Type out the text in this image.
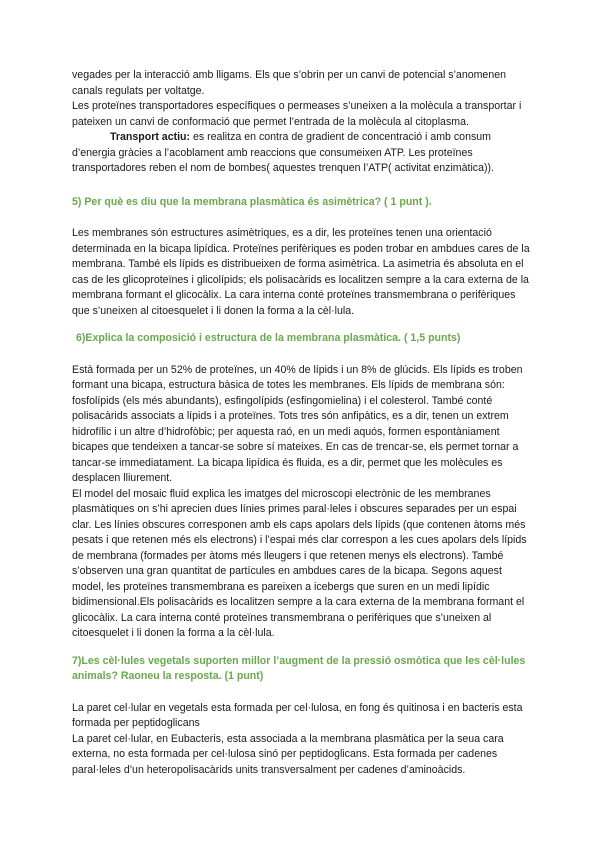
vegades per la interacció amb lligams. Els que s’obrin per un canvi de potencial s’anomenen canals regulats per voltatge.

Les proteïnes transportadores específiques o permeases s’uneixen a la molècula a transportar i pateixen un canvi de conformació que permet l’entrada de la molècula al citoplasma.

Transport actiu: es realitza en contra de gradient de concentració i amb consum d’energia gràcies a l’acoblament amb reaccions que consumeixen ATP. Les proteïnes transportadores reben el nom de bombes( aquestes trenquen l’ATP( activitat enzimàtica)).

5) Per què es diu que la membrana plasmàtica és asimètrica? ( 1 punt ).

Les membranes són estructures asimètriques, es a dir, les proteïnes tenen una orientació determinada en la bicapa lipídica. Proteïnes perifèriques es poden trobar en ambdues cares de la membrana. També els lípids es distribueixen de forma asimètrica. La asimetria és absoluta en el cas de les glicoproteïnes i glicolípids; els polisacàrids es localitzen sempre a la cara externa de la membrana formant el glicocàlix. La cara interna conté proteïnes transmembrana o perifèriques que s’uneixen al citoesquelet i li donen la forma a la cèl·lula.

6)Explica la composició i estructura de la membrana plasmàtica. ( 1,5 punts)

Està formada per un 52% de proteïnes, un 40% de lípids i un 8% de glúcids. Els lípids es troben formant una bicapa, estructura bàsica de totes les membranes. Els lípids de membrana són: fosfolípids (els més abundants), esfingolípids (esfingomielina) i el colesterol. També conté polisacàrids associats a lípids i a proteïnes. Tots tres són anfipàtics, es a dir, tenen un extrem hidrofílic i un altre d’hidrofòbic; per aquesta raó, en un medi aquós, formen espontàniament bicapes que tendeixen a tancar-se sobre sí mateixes. En cas de trencar-se, els permet tornar a tancar-se immediatament. La bicapa lipídica és fluida, es a dir, permet que les molècules es desplacen lliurement.

El model del mosaic fluid explica les imatges del microscopi electrònic de les membranes plasmàtiques on s’hi aprecien dues línies primes paral·leles i obscures separades per un espai clar. Les línies obscures corresponen amb els caps apolars dels lípids (que contenen àtoms més pesats i que retenen més els electrons) i l’espai més clar correspon a les cues apolars dels lípids de membrana (formades per àtoms més lleugers i que retenen menys els electrons). També s’observen una gran quantitat de partícules en ambdues cares de la bicapa. Segons aquest model, les proteïnes transmembrana es pareixen a icebergs que suren en un medi lipídic bidimensional.Els polisacàrids es localitzen sempre a la cara externa de la membrana formant el glicocàlix. La cara interna conté proteïnes transmembrana o perifèriques que s’uneixen al citoesquelet i li donen la forma a la cèl·lula.

7)Les cèl·lules vegetals suporten millor l’augment de la pressió osmòtica que les cèl·lules animals? Raoneu la resposta. (1 punt)

La paret cel·lular en vegetals esta formada per cel·lulosa, en fong és quitinosa i en bacteris esta formada per peptidoglicans

La paret cel·lular, en Eubacteris, esta associada a la membrana plasmàtica per la seua cara externa, no esta formada per cel·lulosa sinó per peptidoglicans. Esta formada per cadenes paral·leles d’un heteropolisacàrids units transversalment per cadenes d’aminoàcids.
